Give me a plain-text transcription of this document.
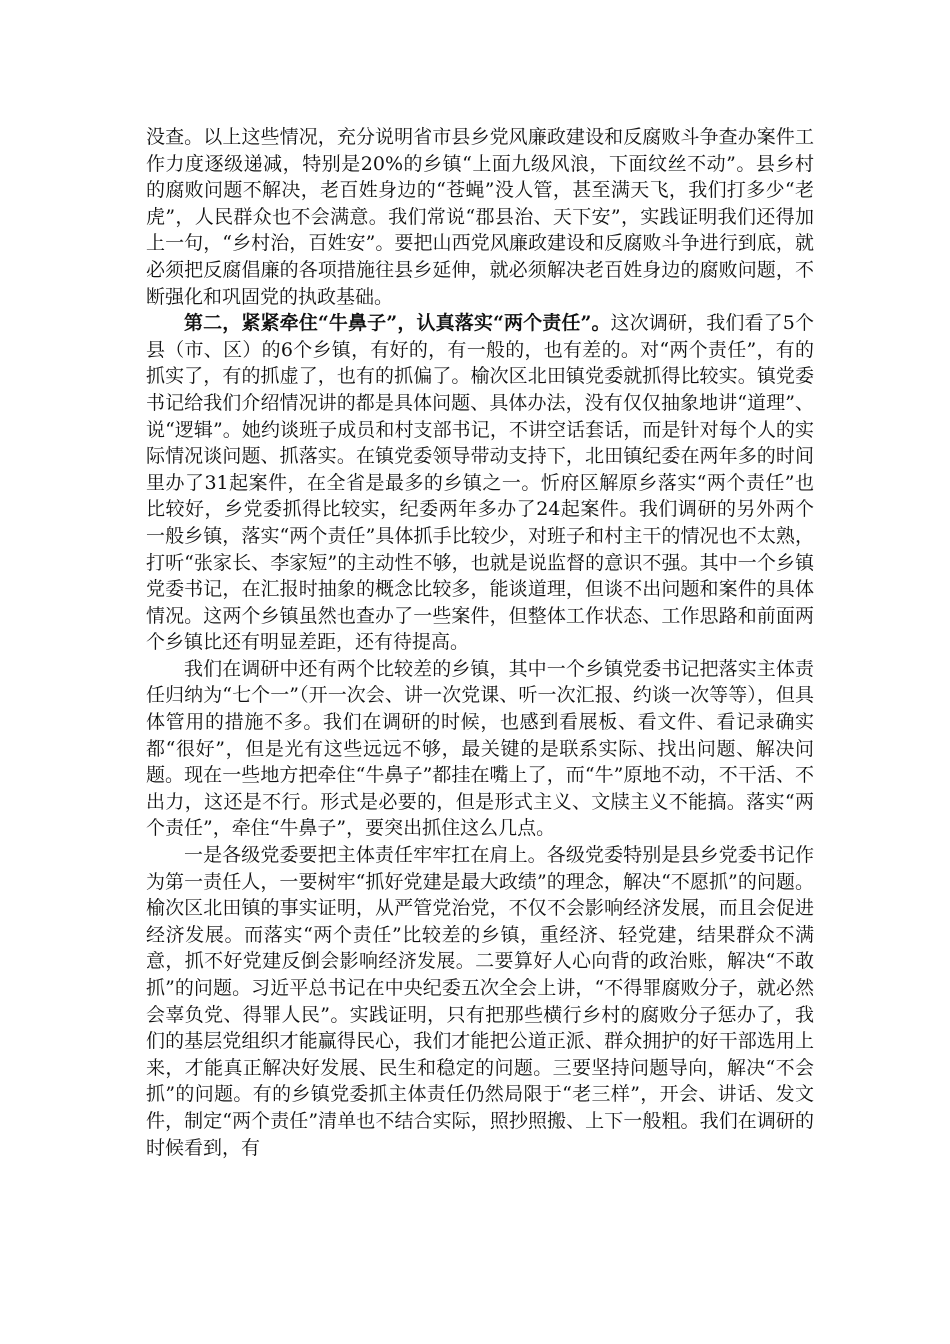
没查。以上这些情况，充分说明省市县乡党风廉政建设和反腐败斗争查办案件工作力度逐级递减，特别是20%的乡镇“上面九级风浪，下面纹丝不动”。县乡村的腐败问题不解决，老百姓身边的“苍蝇”没人管，甚至满天飞，我们打多少“老虎”，人民群众也不会满意。我们常说“郡县治、天下安”，实践证明我们还得加上一句，“乡村治，百姓安”。要把山西党风廉政建设和反腐败斗争进行到底，就必须把反腐倡廉的各项措施往县乡延伸，就必须解决老百姓身边的腐败问题，不断强化和巩固党的执政基础。

第二，紧紧牵住“牛鼻子”，认真落实“两个责任”。这次调研，我们看了5个县（市、区）的6个乡镇，有好的，有一般的，也有差的。对“两个责任”，有的抓实了，有的抓虚了，也有的抓偏了。榆次区北田镇党委就抓得比较实。镇党委书记给我们介绍情况讲的都是具体问题、具体办法，没有仅仅抽象地讲“道理”、说“逻辑”。她约谈班子成员和村支部书记，不讲空话套话，而是针对每个人的实际情况谈问题、抓落实。在镇党委领导带动支持下，北田镇纪委在两年多的时间里办了31起案件，在全省是最多的乡镇之一。忻府区解原乡落实“两个责任”也比较好，乡党委抓得比较实，纪委两年多办了24起案件。我们调研的另外两个一般乡镇，落实“两个责任”具体抓手比较少，对班子和村主干的情况也不太熟，打听“张家长、李家短”的主动性不够，也就是说监督的意识不强。其中一个乡镇党委书记，在汇报时抽象的概念比较多，能谈道理，但谈不出问题和案件的具体情况。这两个乡镇虽然也查办了一些案件，但整体工作状态、工作思路和前面两个乡镇比还有明显差距，还有待提高。

我们在调研中还有两个比较差的乡镇，其中一个乡镇党委书记把落实主体责任归纳为“七个一”（开一次会、讲一次党课、听一次汇报、约谈一次等等），但具体管用的措施不多。我们在调研的时候，也感到看展板、看文件、看记录确实都“很好”，但是光有这些远远不够，最关键的是联系实际、找出问题、解决问题。现在一些地方把牵住“牛鼻子”都挂在嘴上了，而“牛”原地不动，不干活、不出力，这还是不行。形式是必要的，但是形式主义、文牍主义不能搞。落实“两个责任”，牵住“牛鼻子”，要突出抓住这么几点。

一是各级党委要把主体责任牢牢扛在肩上。各级党委特别是县乡党委书记作为第一责任人，一要树牢“抓好党建是最大政绩”的理念，解决“不愿抓”的问题。榆次区北田镇的事实证明，从严管党治党，不仅不会影响经济发展，而且会促进经济发展。而落实“两个责任”比较差的乡镇，重经济、轻党建，结果群众不满意，抓不好党建反倒会影响经济发展。二要算好人心向背的政治账，解决“不敢抓”的问题。习近平总书记在中央纪委五次全会上讲，“不得罪腐败分子，就必然会辜负党、得罪人民”。实践证明，只有把那些横行乡村的腐败分子惩办了，我们的基层党组织才能赢得民心，我们才能把公道正派、群众拥护的好干部选用上来，才能真正解决好发展、民生和稳定的问题。三要坚持问题导向，解决“不会抓”的问题。有的乡镇党委抓主体责任仍然局限于“老三样”，开会、讲话、发文件，制定“两个责任”清单也不结合实际，照抄照搬、上下一般粗。我们在调研的时候看到，有
